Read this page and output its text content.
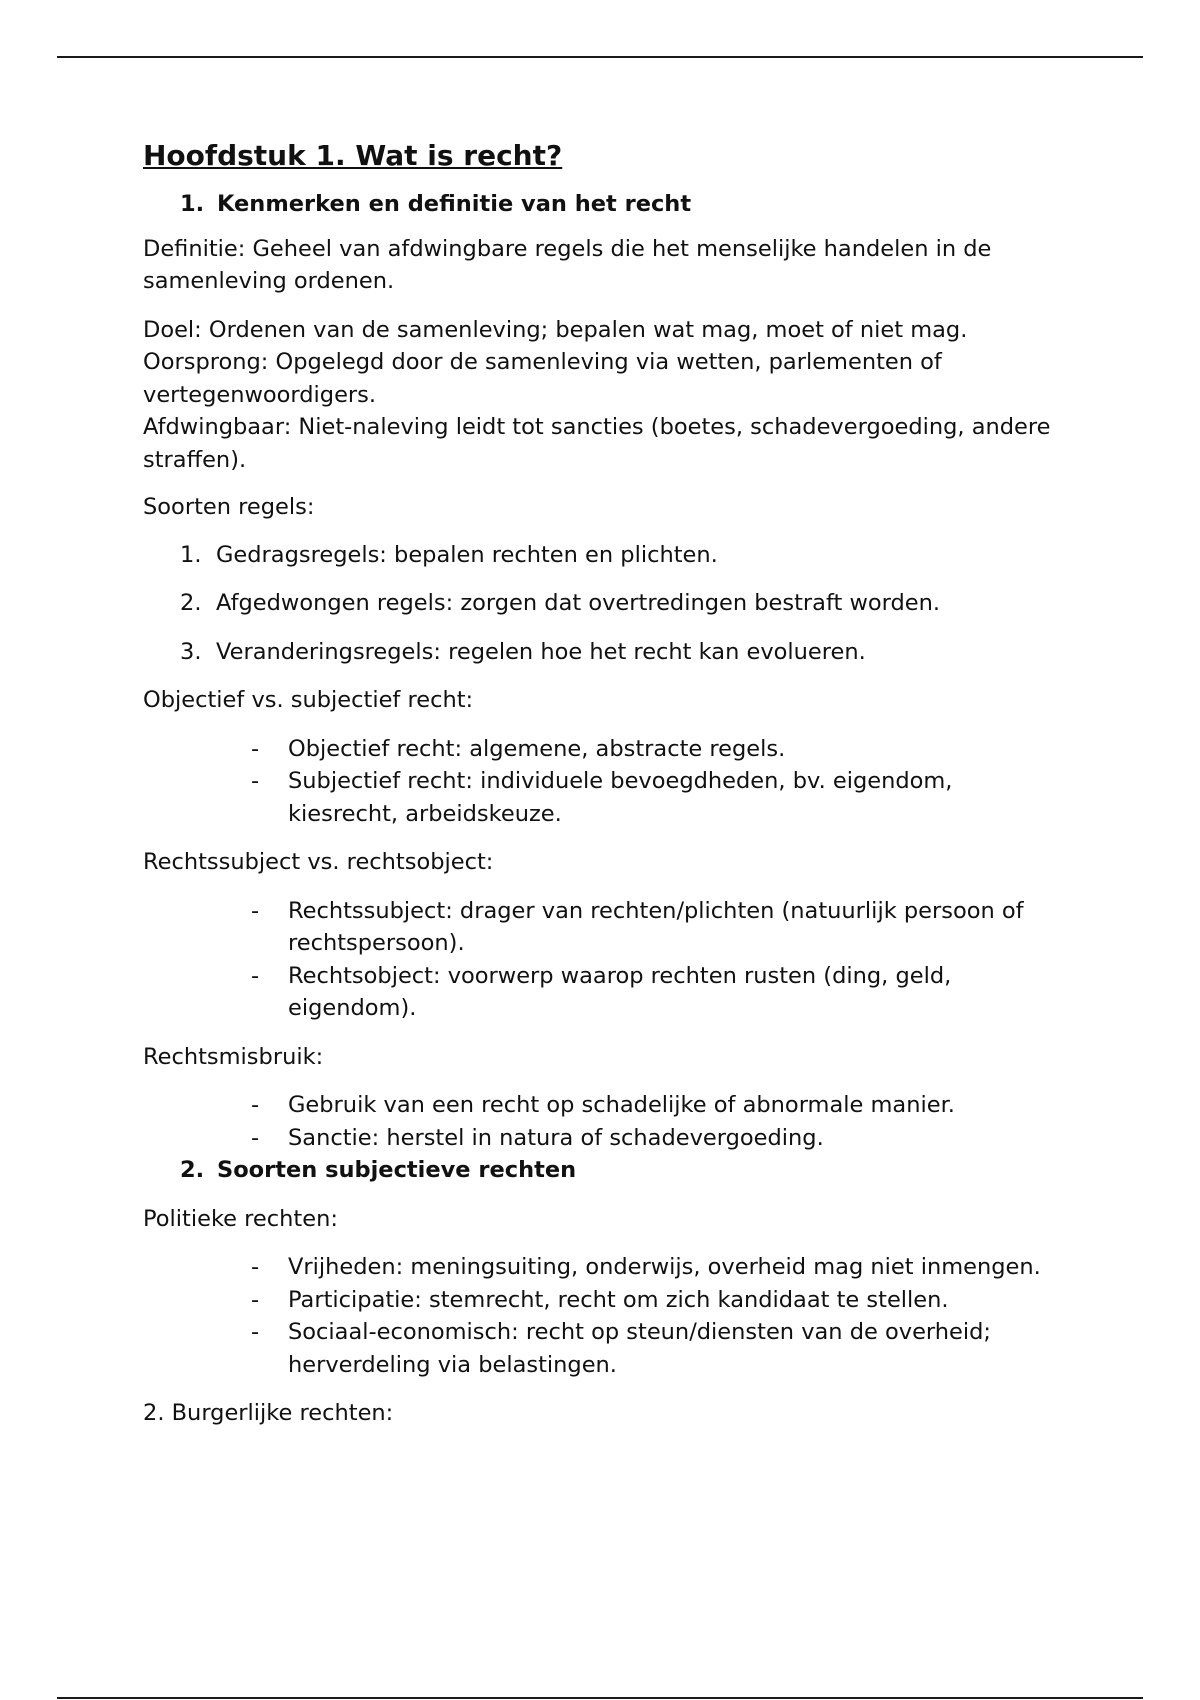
Hoofdstuk 1. Wat is recht?
1. Kenmerken en definitie van het recht

Definitie: Geheel van afdwingbare regels die het menselijke handelen in de samenleving ordenen.

Doel: Ordenen van de samenleving; bepalen wat mag, moet of niet mag.

Oorsprong: Opgelegd door de samenleving via wetten, parlementen of vertegenwoordigers.

Afdwingbaar: Niet-naleving leidt tot sancties (boetes, schadevergoeding, andere straffen).

Soorten regels:

1. Gedragsregels: bepalen rechten en plichten.
2. Afgedwongen regels: zorgen dat overtredingen bestraft worden.
3. Veranderingsregels: regelen hoe het recht kan evolueren.

Objectief vs. subjectief recht:

-	Objectief recht: algemene, abstracte regels.
-	Subjectief recht: individuele bevoegdheden, bv. eigendom, kiesrecht, arbeidskeuze.

Rechtssubject vs. rechtsobject:

-	Rechtssubject: drager van rechten/plichten (natuurlijk persoon of rechtspersoon).
-	Rechtsobject: voorwerp waarop rechten rusten (ding, geld, eigendom).

Rechtsmisbruik:

-	Gebruik van een recht op schadelijke of abnormale manier.
-	Sanctie: herstel in natura of schadevergoeding.
2. Soorten subjectieve rechten

Politieke rechten:

-	Vrijheden: meningsuiting, onderwijs, overheid mag niet inmengen.
-	Participatie: stemrecht, recht om zich kandidaat te stellen.
-	Sociaal-economisch: recht op steun/diensten van de overheid; herverdeling via belastingen.

2. Burgerlijke rechten:
